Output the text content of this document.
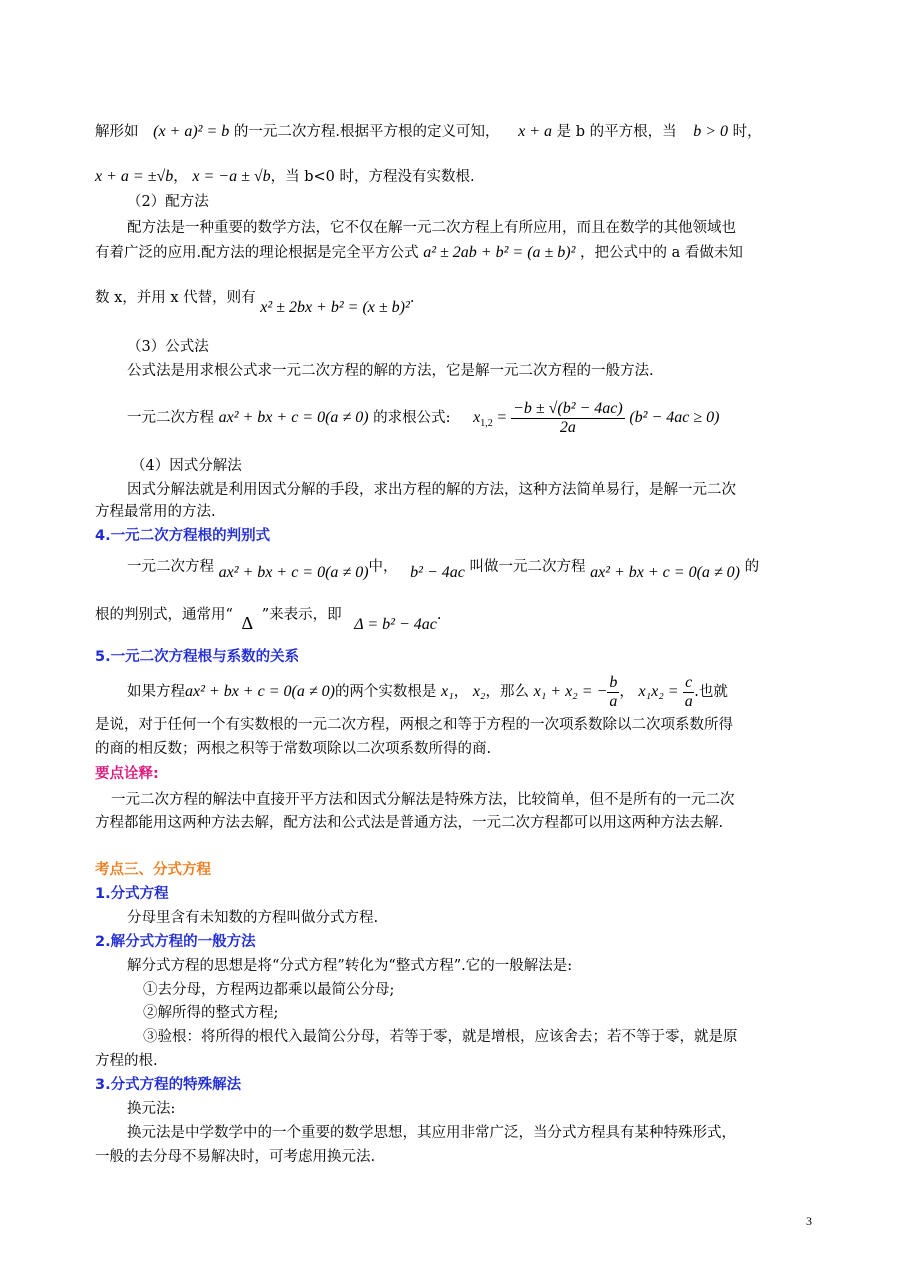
解形如 (x + a)² = b 的一元二次方程.根据平方根的定义可知， x + a 是 b 的平方根，当 b > 0 时，
x + a = ±√b， x = −a ± √b，当 b<0 时，方程没有实数根.
（2）配方法
配方法是一种重要的数学方法，它不仅在解一元二次方程上有所应用，而且在数学的其他领域也
有着广泛的应用.配方法的理论根据是完全平方公式 a² ± 2ab + b² = (a ± b)² ，把公式中的 a 看做未知
数 x，并用 x 代替，则有 x² ± 2bx + b² = (x ± b)².
（3）公式法
公式法是用求根公式求一元二次方程的解的方法，它是解一元二次方程的一般方法.
一元二次方程 ax² + bx + c = 0(a ≠ 0) 的求根公式: $x_{1,2} = \frac{\text{−b ± √(b² − 4ac)}}{2a} (b^2 - 4ac \ge 0)$
（4）因式分解法
因式分解法就是利用因式分解的手段，求出方程的解的方法，这种方法简单易行，是解一元二次
方程最常用的方法.
4.一元二次方程根的判别式
一元二次方程 ax² + bx + c = 0(a ≠ 0)中， b² − 4ac 叫做一元二次方程 ax² + bx + c = 0(a ≠ 0) 的
根的判别式，通常用“ Δ ”来表示，即 Δ = b² − 4ac.
5.一元二次方程根与系数的关系
如果方程ax² + bx + c = 0(a ≠ 0)的两个实数根是 x₁， x₂，那么 x₁ + x₂ = − $\frac{b}{a}$ ， $x_1x_2 = \frac{c}{a}$ .也就
是说，对于任何一个有实数根的一元二次方程，两根之和等于方程的一次项系数除以二次项系数所得
的商的相反数；两根之积等于常数项除以二次项系数所得的商.
要点诠释:
一元二次方程的解法中直接开平方法和因式分解法是特殊方法，比较简单，但不是所有的一元二次
方程都能用这两种方法去解，配方法和公式法是普通方法，一元二次方程都可以用这两种方法去解.
考点三、分式方程
1.分式方程
分母里含有未知数的方程叫做分式方程.
2.解分式方程的一般方法
解分式方程的思想是将“分式方程”转化为“整式方程”.它的一般解法是:
①去分母，方程两边都乘以最简公分母;
②解所得的整式方程;
③验根：将所得的根代入最简公分母，若等于零，就是增根，应该舍去；若不等于零，就是原
方程的根.
3.分式方程的特殊解法
换元法:
换元法是中学数学中的一个重要的数学思想，其应用非常广泛，当分式方程具有某种特殊形式，
一般的去分母不易解决时，可考虑用换元法.
3
